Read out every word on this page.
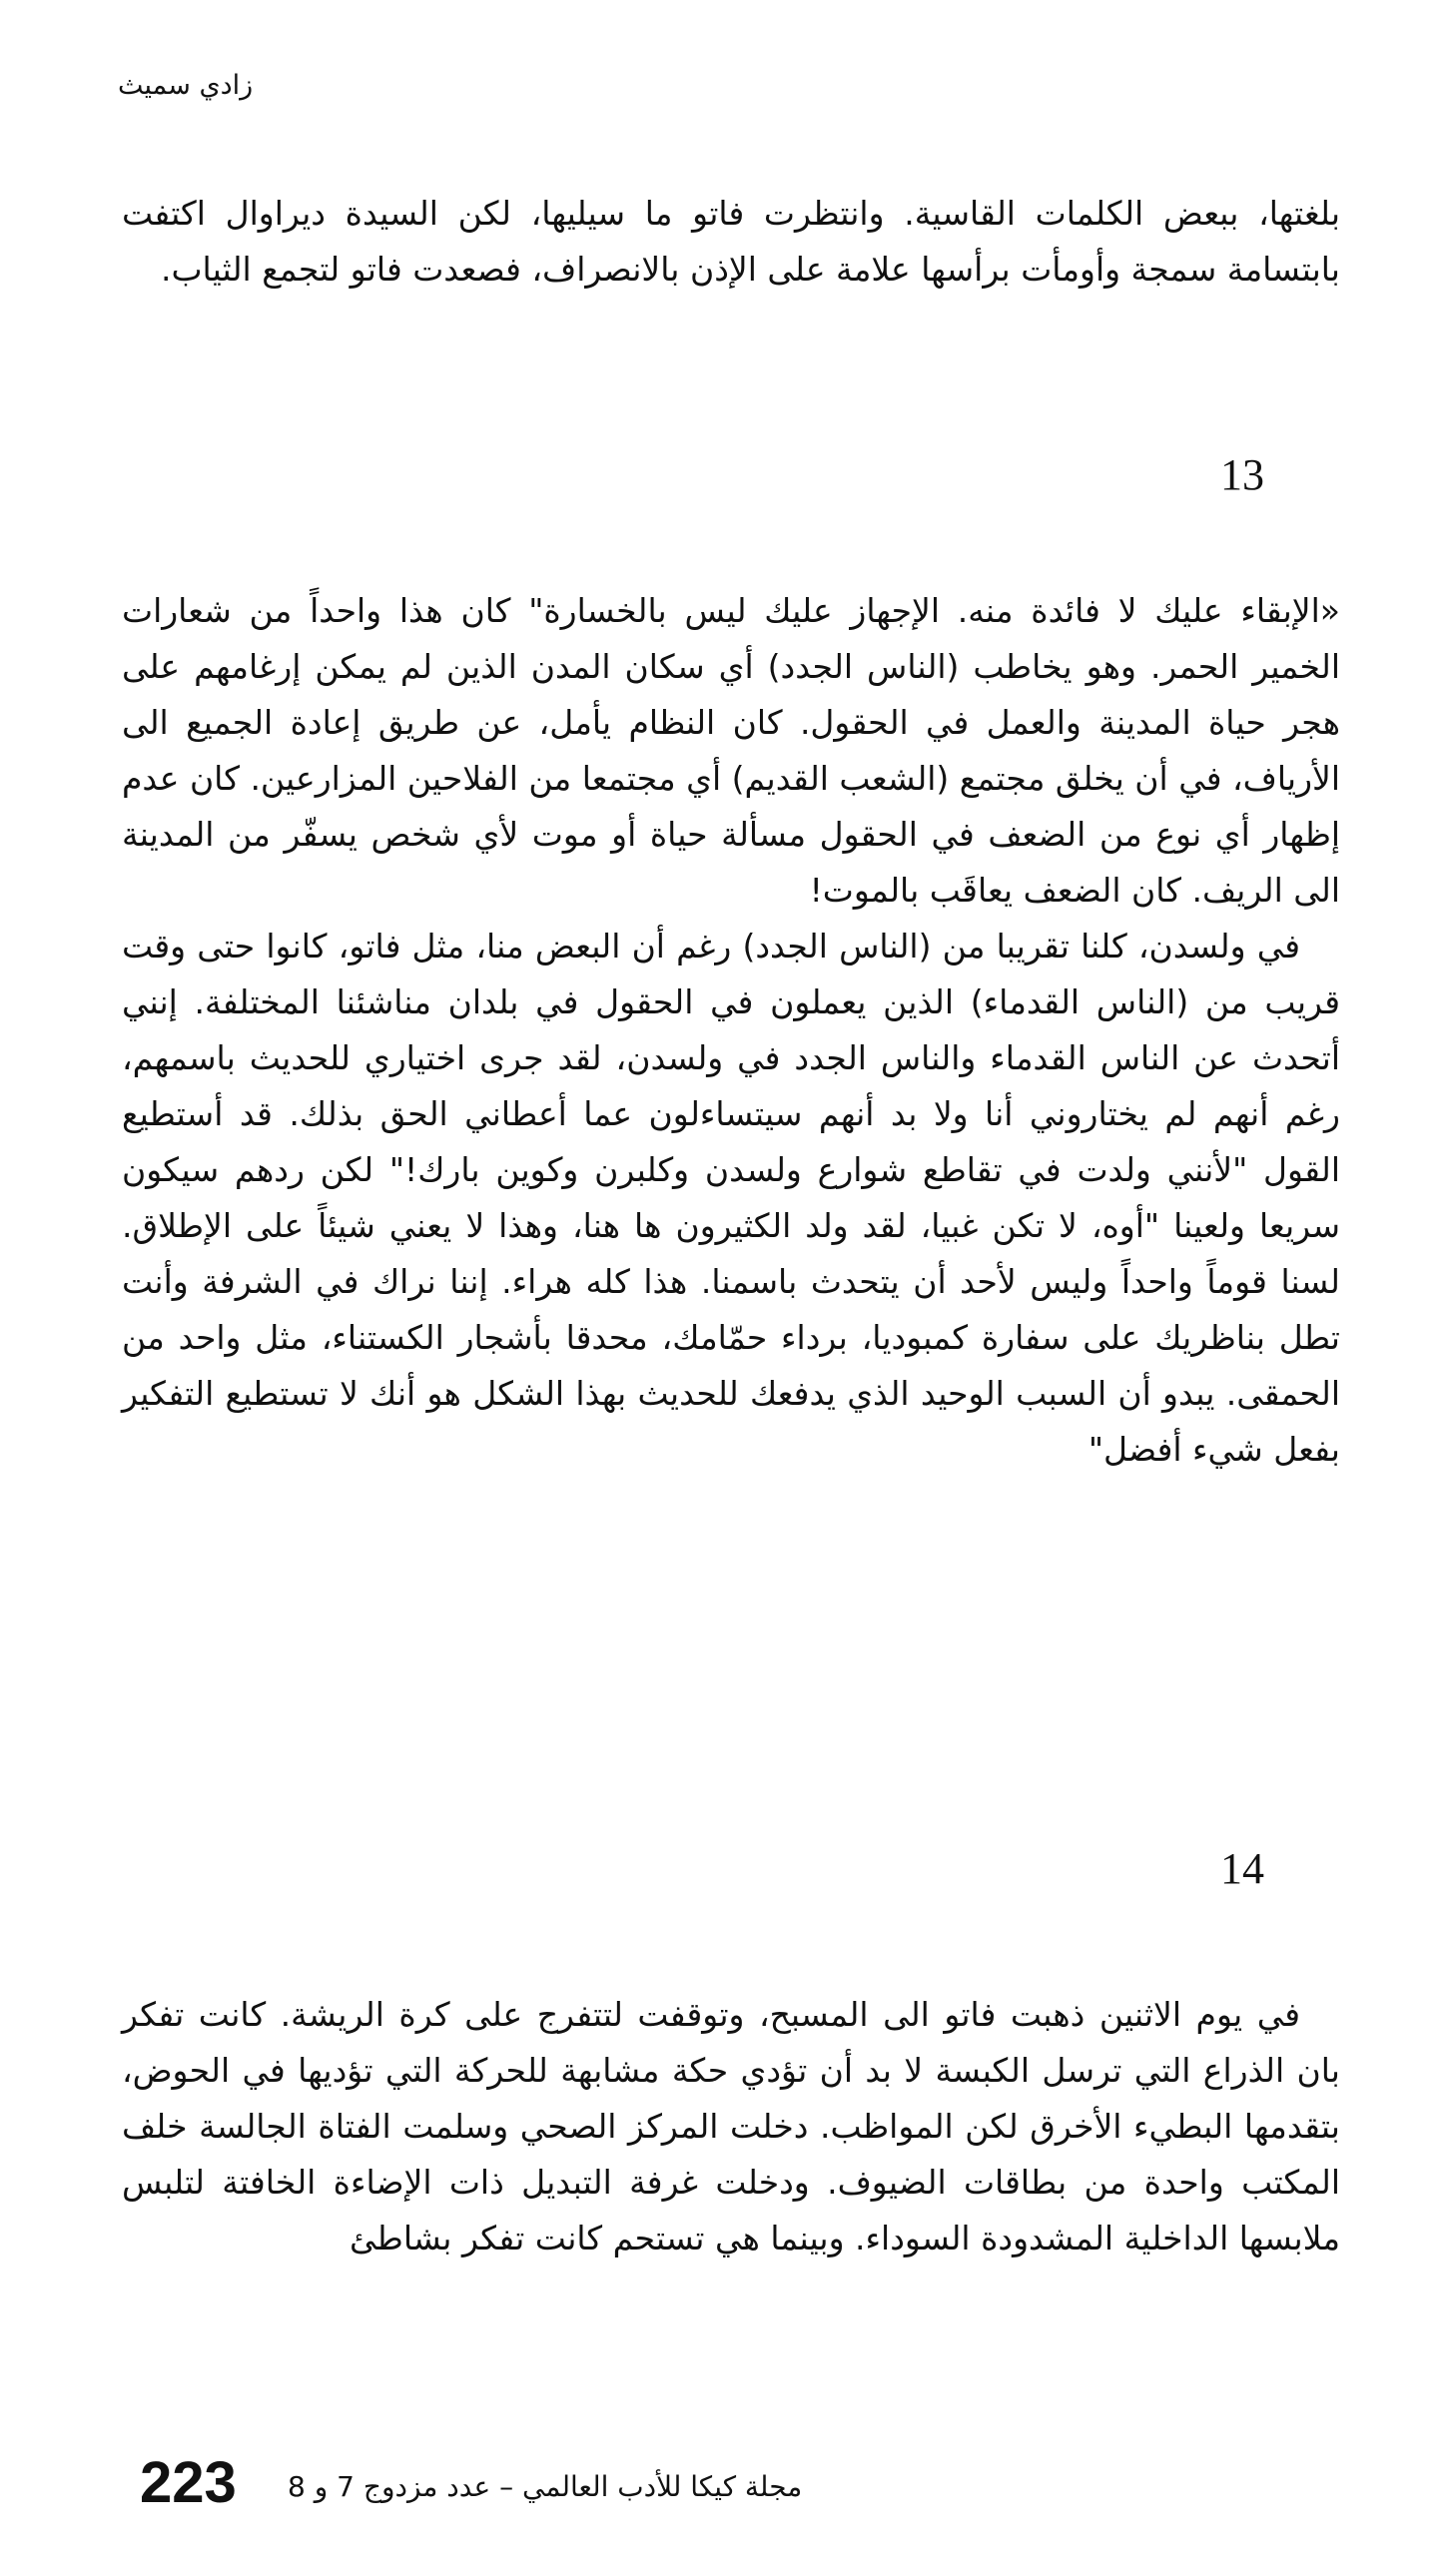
زادي سميث

بلغتها، ببعض الكلمات القاسية. وانتظرت فاتو ما سيليها، لكن السيدة ديراوال اكتفت بابتسامة سمجة وأومأت برأسها علامة على الإذن بالانصراف، فصعدت فاتو لتجمع الثياب.

13

«الإبقاء عليك لا فائدة منه. الإجهاز عليك ليس بالخسارة" كان هذا واحداً من شعارات الخمير الحمر. وهو يخاطب (الناس الجدد) أي سكان المدن الذين لم يمكن إرغامهم على هجر حياة المدينة والعمل في الحقول. كان النظام يأمل، عن طريق إعادة الجميع الى الأرياف، في أن يخلق مجتمع (الشعب القديم) أي مجتمعا من الفلاحين المزارعين. كان عدم إظهار أي نوع من الضعف في الحقول مسألة حياة أو موت لأي شخص يسفّر من المدينة الى الريف. كان الضعف يعاقَب بالموت!

في ولسدن، كلنا تقريبا من (الناس الجدد) رغم أن البعض منا، مثل فاتو، كانوا حتى وقت قريب من (الناس القدماء) الذين يعملون في الحقول في بلدان مناشئنا المختلفة. إنني أتحدث عن الناس القدماء والناس الجدد في ولسدن، لقد جرى اختياري للحديث باسمهم، رغم أنهم لم يختاروني أنا ولا بد أنهم سيتساءلون عما أعطاني الحق بذلك. قد أستطيع القول "لأنني ولدت في تقاطع شوارع ولسدن وكلبرن وكوين بارك!" لكن ردهم سيكون سريعا ولعينا "أوه، لا تكن غبيا، لقد ولد الكثيرون ها هنا، وهذا لا يعني شيئاً على الإطلاق. لسنا قوماً واحداً وليس لأحد أن يتحدث باسمنا. هذا كله هراء. إننا نراك في الشرفة وأنت تطل بناظريك على سفارة كمبوديا، برداء حمّامك، محدقا بأشجار الكستناء، مثل واحد من الحمقى. يبدو أن السبب الوحيد الذي يدفعك للحديث بهذا الشكل هو أنك لا تستطيع التفكير بفعل شيء أفضل"

14

في يوم الاثنين ذهبت فاتو الى المسبح، وتوقفت لتتفرج على كرة الريشة. كانت تفكر بان الذراع التي ترسل الكبسة لا بد أن تؤدي حكة مشابهة للحركة التي تؤديها في الحوض، بتقدمها البطيء الأخرق لكن المواظب. دخلت المركز الصحي وسلمت الفتاة الجالسة خلف المكتب واحدة من بطاقات الضيوف. ودخلت غرفة التبديل ذات الإضاءة الخافتة لتلبس ملابسها الداخلية المشدودة السوداء. وبينما هي تستحم كانت تفكر بشاطئ

223 مجلة كيكا للأدب العالمي – عدد مزدوج 7 و 8
